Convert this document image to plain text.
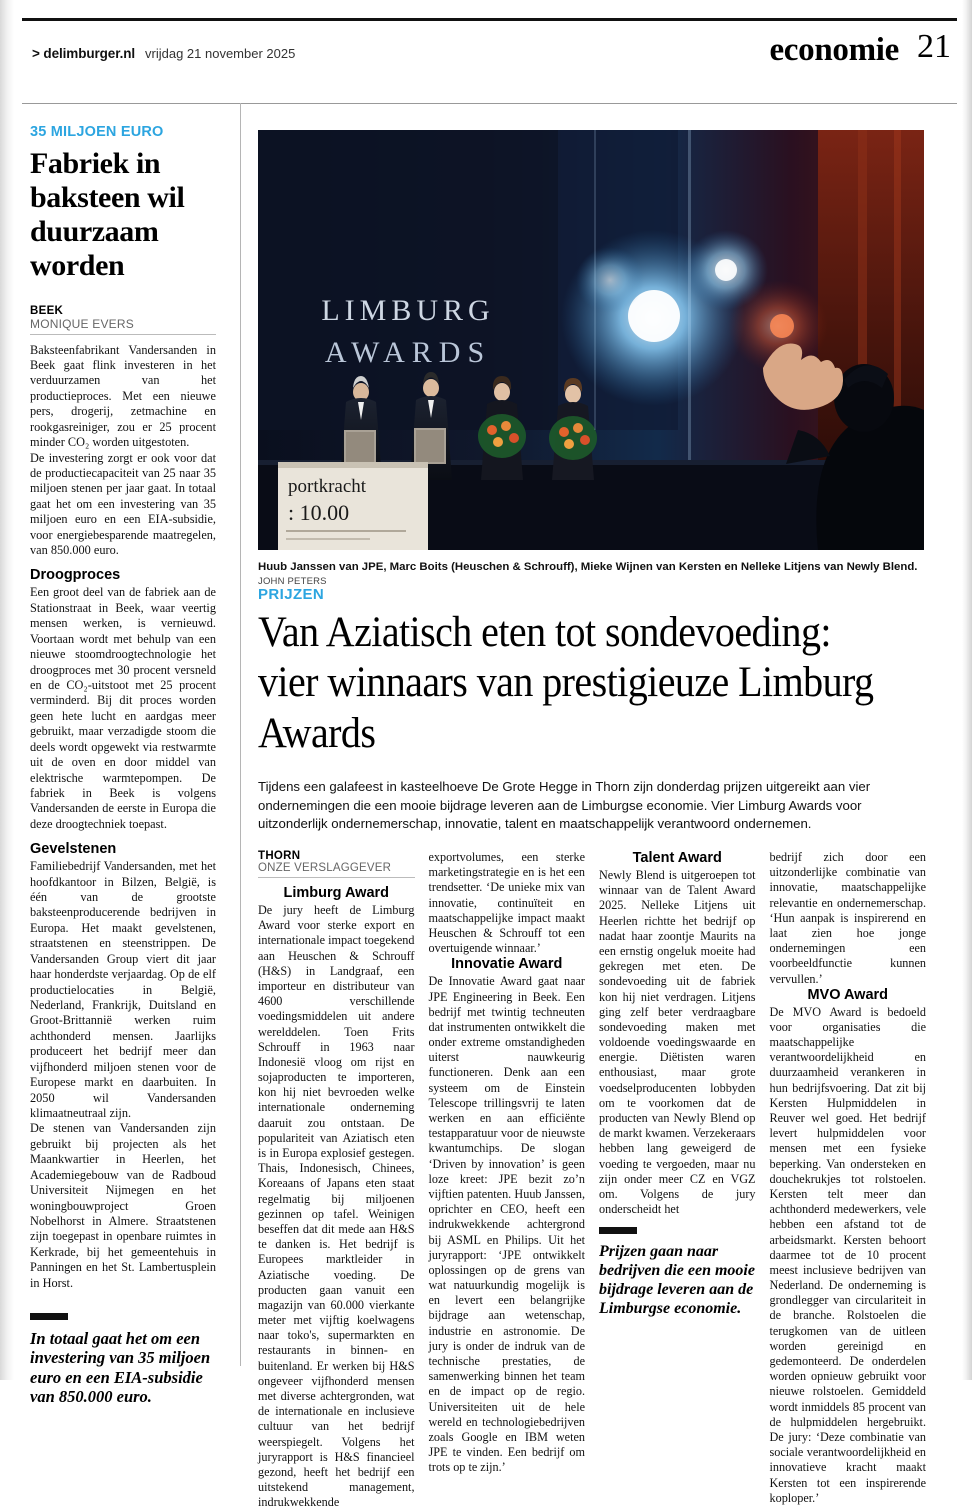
> delimburger.nl vrijdag 21 november 2025	economie 21
35 MILJOEN EURO
Fabriek in baksteen wil duurzaam worden
BEEK
MONIQUE EVERS

Baksteenfabrikant Vandersanden in Beek gaat flink investeren in het verduurzamen van het productieproces. Met een nieuwe pers, drogerij, zetmachine en rookgasreiniger, zou er 25 procent minder CO₂ worden uitgestoten.

De investering zorgt er ook voor dat de productiecapaciteit van 25 naar 35 miljoen stenen per jaar gaat. In totaal gaat het om een investering van 35 miljoen euro en een EIA-subsidie, voor energiebesparende maatregelen, van 850.000 euro.

Droogproces
Een groot deel van de fabriek aan de Stationstraat in Beek, waar veertig mensen werken, is vernieuwd. Voortaan wordt met behulp van een nieuwe stoomdroogtechnologie het droogproces met 30 procent versneld en de CO₂-uitstoot met 25 procent verminderd. Bij dit proces worden geen hete lucht en aardgas meer gebruikt, maar verzadigde stoom die deels wordt opgewekt via restwarmte uit de oven en door middel van elektrische warmtepompen. De fabriek in Beek is volgens Vandersanden de eerste in Europa die deze droogtechniek toepast.
Gevelstenen
Familiebedrijf Vandersanden, met het hoofdkantoor in Bilzen, België, is één van de grootste baksteenproducerende bedrijven in Europa. Het maakt gevelstenen, straatstenen en steenstrippen. De Vandersanden Group viert dit jaar haar honderdste verjaardag. Op de elf productielocaties in België, Nederland, Frankrijk, Duitsland en Groot-Brittannië werken ruim achthonderd mensen. Jaarlijks produceert het bedrijf meer dan vijfhonderd miljoen stenen voor de Europese markt en daarbuiten. In 2050 wil Vandersanden klimaatneutraal zijn.
De stenen van Vandersanden zijn gebruikt bij projecten als het Maankwartier in Heerlen, het Academiegebouw van de Radboud Universiteit Nijmegen en het woningbouwproject Groen Nobelhorst in Almere. Straatstenen zijn toegepast in openbare ruimtes in Kerkrade, bij het gemeentehuis in Panningen en het St. Lambertusplein in Horst.
In totaal gaat het om een investering van 35 miljoen euro en een EIA-subsidie van 850.000 euro.
LIMBURG
AWARDS
portkracht
: 10.00
Huub Janssen van JPE, Marc Boits (Heuschen & Schrouff), Mieke Wijnen van Kersten en Nelleke Litjens van Newly Blend. JOHN PETERS
PRIJZEN
Van Aziatisch eten tot sondevoeding: vier winnaars van prestigieuze Limburg Awards
Tijdens een galafeest in kasteelhoeve De Grote Hegge in Thorn zijn donderdag prijzen uitgereikt aan vier ondernemingen die een mooie bijdrage leveren aan de Limburgse economie. Vier Limburg Awards voor uitzonderlijk ondernemerschap, innovatie, talent en maatschappelijk verantwoord ondernemen.
THORN
ONZE VERSLAGGEVER
Limburg Award
De jury heeft de Limburg Award voor sterke export en internationale impact toegekend aan Heuschen & Schrouff (H&S) in Landgraaf, een importeur en distributeur van 4600 verschillende voedingsmiddelen uit andere werelddelen. Toen Frits Schrouff in 1963 naar Indonesië vloog om rijst en sojaproducten te importeren, kon hij niet bevroeden welke internationale onderneming daaruit zou ontstaan. De populariteit van Aziatisch eten is in Europa explosief gestegen. Thais, Indonesisch, Chinees, Koreaans of Japans eten staat regelmatig bij miljoenen gezinnen op tafel. Weinigen beseffen dat dit mede aan H&S te danken is. Het bedrijf is Europees marktleider in Aziatische voeding. De producten gaan vanuit een magazijn van 60.000 vierkante meter met vijftig koelwagens naar toko's, supermarkten en restaurants in binnen- en buitenland. Er werken bij H&S ongeveer vijfhonderd mensen met diverse achtergronden, wat de internationale en inclusieve cultuur van het bedrijf weerspiegelt. Volgens het juryrapport is H&S financieel gezond, heeft het bedrijf een uitstekend management, indrukwekkende
exportvolumes, een sterke marketingstrategie en is het een trendsetter. ‘De unieke mix van innovatie, continuïteit en maatschappelijke impact maakt Heuschen & Schrouff tot een overtuigende winnaar.’
Innovatie Award
De Innovatie Award gaat naar JPE Engineering in Beek. Een bedrijf met twintig techneuten dat instrumenten ontwikkelt die onder extreme omstandigheden uiterst nauwkeurig functioneren. Denk aan een systeem om de Einstein Telescope trillingsvrij te laten werken en aan efficiënte testapparatuur voor de nieuwste kwantumchips. De slogan ‘Driven by innovation’ is geen loze kreet: JPE bezit zo’n vijftien patenten. Huub Janssen, oprichter en CEO, heeft een indrukwekkende achtergrond bij ASML en Philips. Uit het juryrapport: ‘JPE ontwikkelt oplossingen op de grens van wat natuurkundig mogelijk is en levert een belangrijke bijdrage aan wetenschap, industrie en astronomie. De jury is onder de indruk van de technische prestaties, de samenwerking binnen het team en de impact op de regio. Universiteiten uit de hele wereld en technologiebedrijven zoals Google en IBM weten JPE te vinden. Een bedrijf om trots op te zijn.’
Talent Award
Newly Blend is uitgeroepen tot winnaar van de Talent Award 2025. Nelleke Litjens uit Heerlen richtte het bedrijf op nadat haar zoontje Maurits na een ernstig ongeluk moeite had gekregen met eten. De sondevoeding uit de fabriek kon hij niet verdragen. Litjens ging zelf beter verdraagbare sondevoeding maken met voldoende voedingswaarde en energie. Diëtisten waren enthousiast, maar grote voedselproducenten lobbyden om te voorkomen dat de producten van Newly Blend op de markt kwamen. Verzekeraars hebben lang geweigerd de voeding te vergoeden, maar nu zijn onder meer CZ en VGZ om. Volgens de jury onderscheidt het
Prijzen gaan naar bedrijven die een mooie bijdrage leveren aan de Limburgse economie.
bedrijf zich door een uitzonderlijke combinatie van innovatie, maatschappelijke relevantie en ondernemerschap. ‘Hun aanpak is inspirerend en laat zien hoe jonge ondernemingen een voorbeeldfunctie kunnen vervullen.’
MVO Award
De MVO Award is bedoeld voor organisaties die maatschappelijke verantwoordelijkheid en duurzaamheid verankeren in hun bedrijfsvoering. Dat zit bij Kersten Hulpmiddelen in Reuver wel goed. Het bedrijf levert hulpmiddelen voor mensen met een fysieke beperking. Van ondersteken en douchekrukjes tot rolstoelen. Kersten telt meer dan achthonderd medewerkers, vele hebben een afstand tot de arbeidsmarkt. Kersten behoort daarmee tot de 10 procent meest inclusieve bedrijven van Nederland. De onderneming is grondlegger van circulariteit in de branche. Rolstoelen die terugkomen van de uitleen worden gereinigd en gedemonteerd. De onderdelen worden opnieuw gebruikt voor nieuwe rolstoelen. Gemiddeld wordt inmiddels 85 procent van de hulpmiddelen hergebruikt. De jury: ‘Deze combinatie van sociale verantwoordelijkheid en innovatieve kracht maakt Kersten tot een inspirerende koploper.’
